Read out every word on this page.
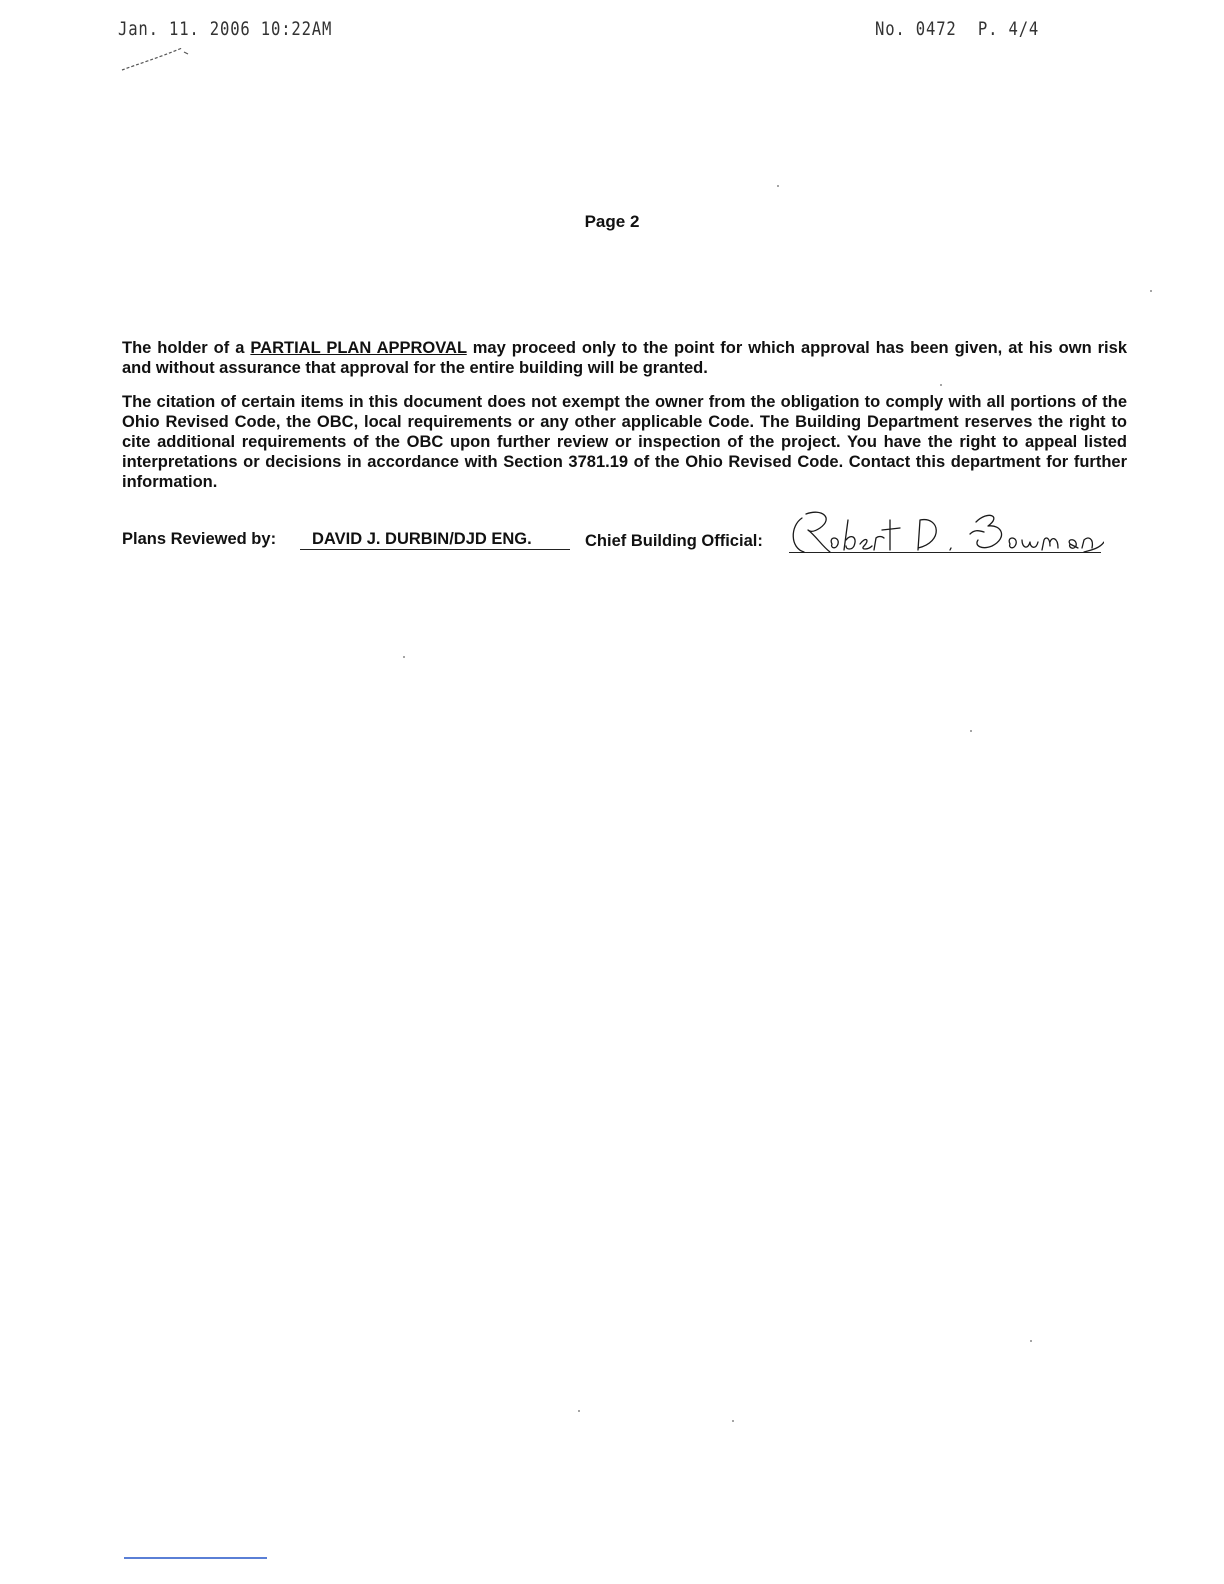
Jan. 11. 2006 10:22AM	No. 0472 P. 4/4
Page 2

The holder of a PARTIAL PLAN APPROVAL may proceed only to the point for which approval has been given, at his own risk and without assurance that approval for the entire building will be granted.

The citation of certain items in this document does not exempt the owner from the obligation to comply with all portions of the Ohio Revised Code, the OBC, local requirements or any other applicable Code. The Building Department reserves the right to cite additional requirements of the OBC upon further review or inspection of the project. You have the right to appeal listed interpretations or decisions in accordance with Section 3781.19 of the Ohio Revised Code. Contact this department for further information.

Plans Reviewed by:	DAVID J. DURBIN/DJD ENG.	Chief Building Official:
